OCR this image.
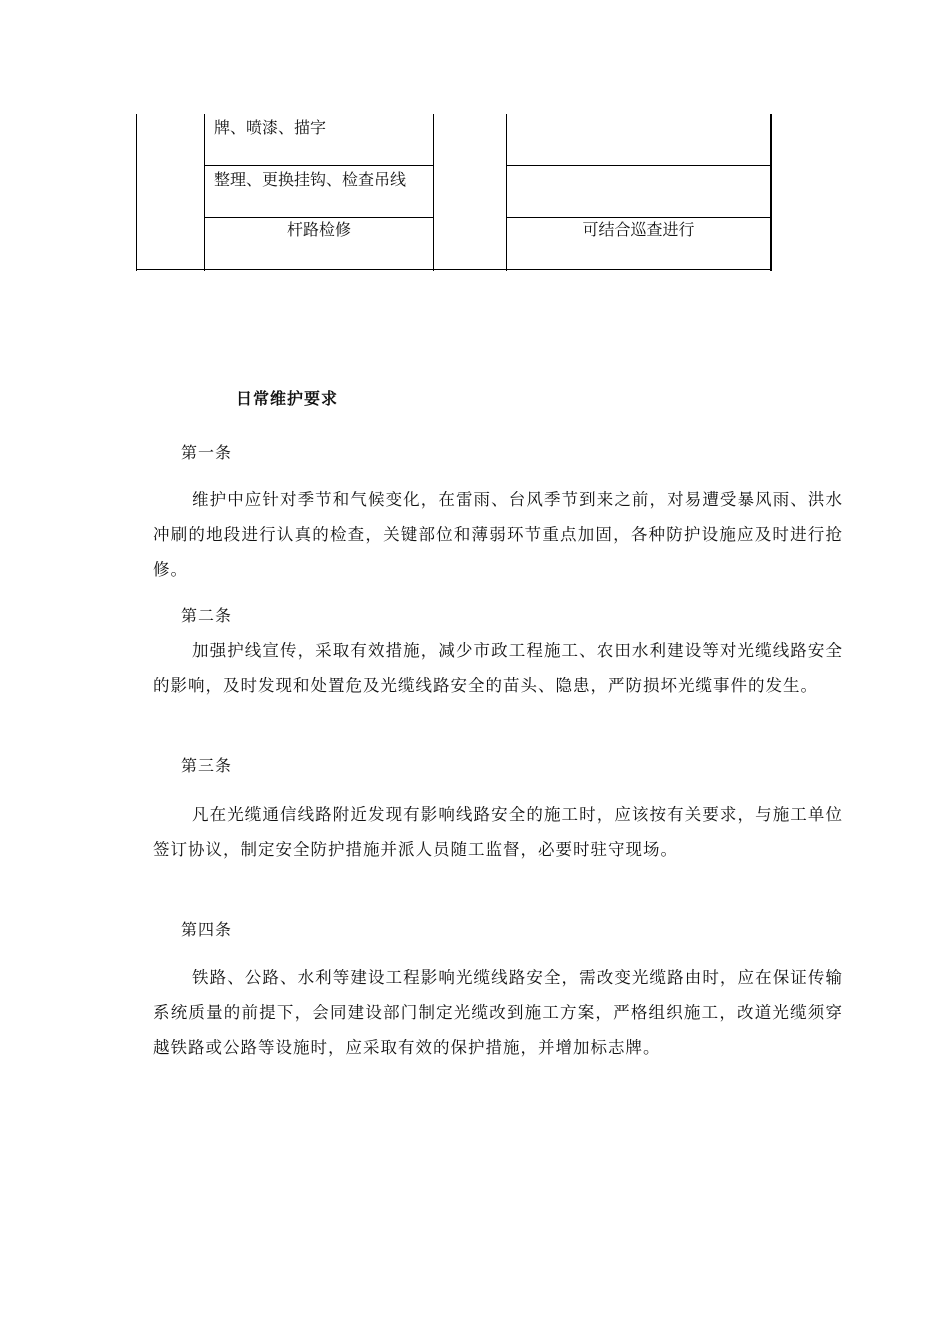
牌、喷漆、描字
整理、更换挂钩、检查吊线
杆路检修	可结合巡查进行
日常维护要求
第一条
维护中应针对季节和气候变化，在雷雨、台风季节到来之前，对易遭受暴风雨、洪水冲刷的地段进行认真的检查，关键部位和薄弱环节重点加固，各种防护设施应及时进行抢修。
第二条
加强护线宣传，采取有效措施，减少市政工程施工、农田水利建设等对光缆线路安全的影响，及时发现和处置危及光缆线路安全的苗头、隐患，严防损坏光缆事件的发生。
第三条
凡在光缆通信线路附近发现有影响线路安全的施工时，应该按有关要求，与施工单位签订协议，制定安全防护措施并派人员随工监督，必要时驻守现场。
第四条
铁路、公路、水利等建设工程影响光缆线路安全，需改变光缆路由时，应在保证传输系统质量的前提下，会同建设部门制定光缆改到施工方案，严格组织施工，改道光缆须穿越铁路或公路等设施时，应采取有效的保护措施，并增加标志牌。
